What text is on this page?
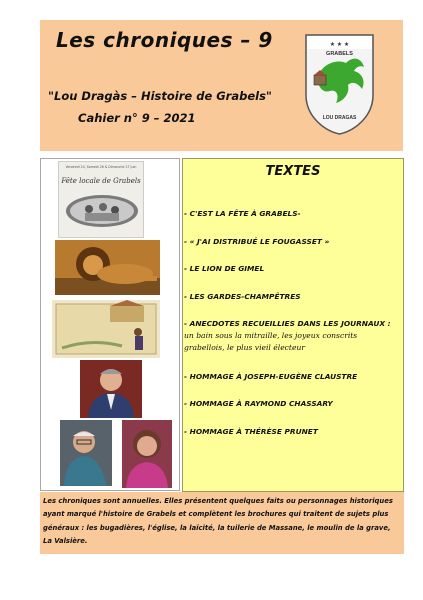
Les chroniques – 9
"Lou Dragàs – Histoire de Grabels"
Cahier n° 9 – 2021
★ ★ ★
GRABELS
LOU DRAGAS
Vendredi 24, Samedi 26 & Dimanche 27 Juin
Fête locale de Grabels
TEXTES
- C'EST LA FÊTE À GRABELS-
- « J'AI DISTRIBUÉ LE FOUGASSET »
- LE LION DE GIMEL
- LES GARDES-CHAMPÊTRES
- ANECDOTES RECUEILLIES DANS LES JOURNAUX : un bain sous la mitraille, les joyeux conscrits grabellois, le plus vieil électeur
- HOMMAGE À JOSEPH-EUGÈNE CLAUSTRE
- HOMMAGE À RAYMOND CHASSARY
- HOMMAGE À THÉRÈSE PRUNET
Les chroniques sont annuelles. Elles présentent quelques faits ou personnages historiques ayant marqué l'histoire de Grabels et complètent les brochures qui traitent de sujets plus généraux : les bugadières, l'église, la laïcité, la tuilerie de Massane, le moulin de la grave, La Valsière.
